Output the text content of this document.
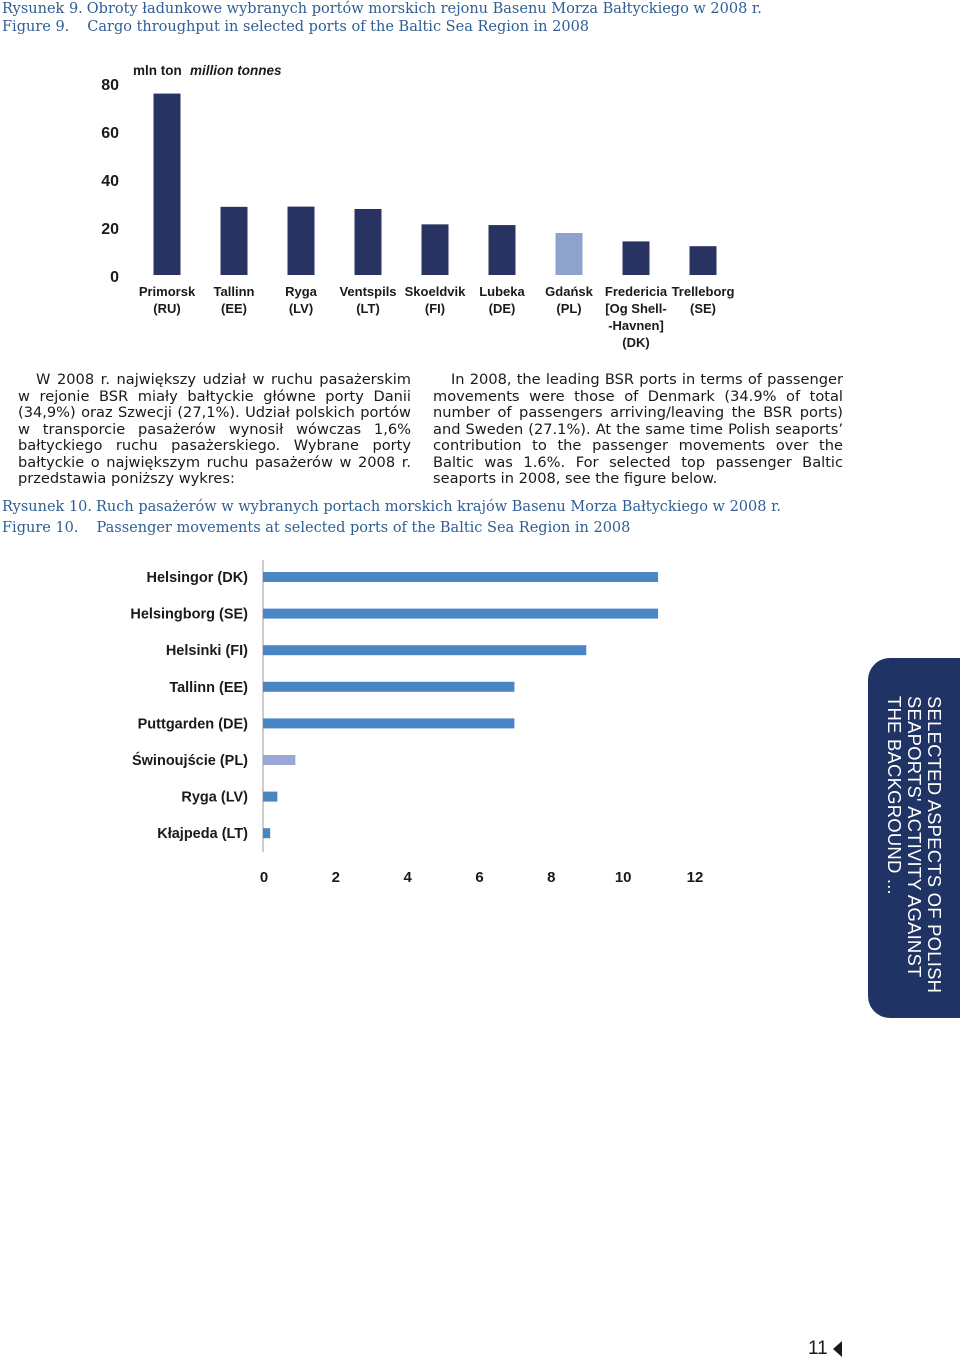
Rysunek 9. Obroty ładunkowe wybranych portów morskich rejonu Basenu Morza Bałtyckiego w 2008 r.
Figure 9. Cargo throughput in selected ports of the Baltic Sea Region in 2008
0
20
40
60
80
mln ton million tonnes
Primorsk
(RU)
Tallinn
(EE)
Ryga
(LV)
Ventspils
(LT)
Skoeldvik
(FI)
Lubeka
(DE)
Gdańsk
(PL)
Fredericia
[Og Shell-
-Havnen]
(DK)
Trelleborg
(SE)

W 2008 r. największy udział w ruchu pasażerskim w rejonie BSR miały bałtyckie główne porty Danii (34,9%) oraz Szwecji (27,1%). Udział polskich portów w transporcie pasażerów wynosił wówczas 1,6% bałtyckiego ruchu pasażerskiego. Wybrane porty bałtyckie o największym ruchu pasażerów w 2008 r. przedstawia poniższy wykres:

In 2008, the leading BSR ports in terms of passenger movements were those of Denmark (34.9% of total number of passengers arriving/leaving the BSR ports) and Sweden (27.1%). At the same time Polish seaports’ contribution to the passenger movements over the Baltic was 1.6%. For selected top passenger Baltic seaports in 2008, see the figure below.

Rysunek 10. Ruch pasażerów w wybranych portach morskich krajów Basenu Morza Bałtyckiego w 2008 r.
Figure 10. Passenger movements at selected ports of the Baltic Sea Region in 2008
Helsingor (DK)
Helsingborg (SE)
Helsinki (FI)
Tallinn (EE)
Puttgarden (DE)
Świnoujście (PL)
Ryga (LV)
Kłajpeda (LT)
0	2	4	6	8	10	12	SELECTED ASPECTS OF POLISH SEAPORTS' ACTIVITY AGAINST THE BACKGROUND ...
11
